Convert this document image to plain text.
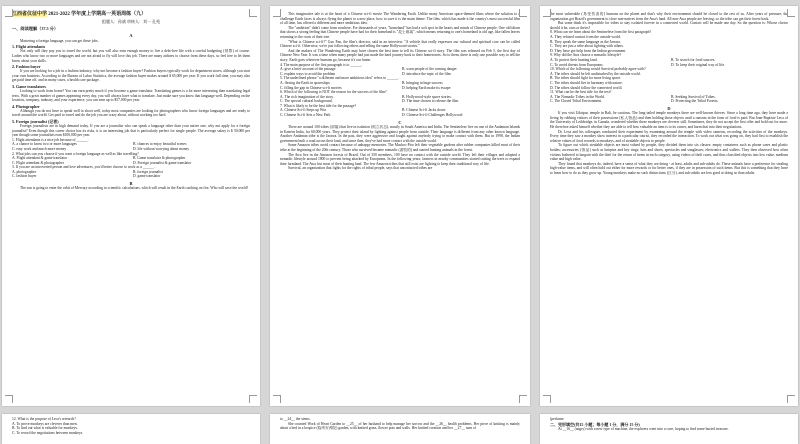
江西省仪征中学 2021-2022 学年度上学期高一英语周练（九）

组题人：孙斌 审核人：刘一 孔苑

一、阅读理解（37.5 分）

A

Mastering a foreign language, you can get these jobs.

1. Flight attendants

Not only will they pay you to travel the world, but you will also earn enough money to live a debt-free life with a careful budgeting (预算) of course. Ladies who know two or more languages and are not afraid to fly will love this job. There are many airlines to choose from these days, so feel free to let them know about your skills.

2. Fashion buyer

If you are looking for a job in a fashion industry, why not become a fashion buyer? Fashion buyers typically work for department stores, although you start your own business. According to the Bureau of Labor Statistics, the average fashion buyer makes around $ 65,000 per year. If you work full time, you may also get paid time off, and in many cases, a health care package.

3. Game translators

Looking to work from home? You can earn pretty much if you become a game translator. Translating games is a lot more interesting than translating legal texts. With a great number of games appearing every day, you will always have what to translate. Just make sure you know that language well. Depending on the location, company, industry, and your experience, you can earn up to $57,000 per year.

4. Photographer

Although you do not have to speak well to shoot well, today most companies are looking for photographers who know foreign languages and are ready to travel around the world. Get paid to travel and do the job you are crazy about, without working too hard.

5. Foreign journalist (记者)

Foreign journalists are in high demand today. If you are a journalist who can speak a language other than your native one, why not apply for a foreign journalist? Even though this career choice has its risks, it is an interesting job that is particularly perfect for single people. The average salary is $ 50,000 per year though some journalists earn $100,000 per year.

1. Flight attendants is a nice job because of ______.

A. a chance to know two or more languages	B. chances to enjoy beautiful scenes
C. easy work and much more money	D. life without worrying about money

2. What jobs can you choose if you want a foreign language as well as like travelling?

A. Flight attendant & game translator	B. Game translator & photographer
C. Flight attendant & photographer	D. Foreign journalist & game translator

3. If you are an introverted person and love adventures, you'd better choose to work as a ______.

A. photographer	B. foreign journalist
C. fashion buyer	D. game translator

B

The sun is going to enter the orbit of Mercury according to scientific calculations, which will result in the Earth catching on fire. Who will save the world?

This imaginative tale is at the heart of a Chinese sci-fi movie The Wandering Earth. Unlike many American space-themed films where the solution to a challenge Earth faces is always flying the planet to a new place, how to save it is the main theme. The film, which has made it the country's most successful film of all time, has offered a different and more ambitious idea.

The "ambition" didn't come from nowhere. For thousands of years, "homeland" has had a soft spot in the hearts and minds of Chinese people. One old idiom that shows a strong feeling that Chinese people have had for their homeland is "故土难离", which means returning to one's homeland is old age, like fallen leaves returning to the roots of their tree.

"What is Chinese sci-fi?" Guo Fan, the film's director, said in an interview. "A vehicle that really expresses our cultural and spiritual core can be called Chinese sci-fi. Otherwise, we're just following others and telling the same Hollywood stories."

And the makers of The Wandering Earth may have chosen the best time to tell its Chinese sci-fi story. The film was released on Feb 5, the first day of Chinese New Year. It was a time when many people had just made the hard journey back to their hometowns. So to them, there is only one possible way to tell the story: Earth goes wherever humans go, because it's our home.

4. The main purpose of the first paragraph is to ______.

A. give a brief account of the passage	B. warn people of the coming danger
C. explain ways to avoid the problem	D. introduce the topic of the film

5. The underlined phrase "a different and more ambitious idea" refers to ______.

A. flexing the Earth in spaceships	B. bringing in huge success
C. filling the gap in Chinese sci-fi movies	D. helping Earth make its escape

6. Which of the following is NOT the reason for the success of the film?

A. The rich imagination of the story.	B. Hollywood-style space stories.
C. The special cultural background.	D. The time chosen to release the film.

7. What is likely to be the best title for the passage?

A. Chinese Sci-fi Steps up War	B. Chinese Sci-fi Jacks down
C. Chinese Sci-fi Sets a New Path	D. Chinese Sci-fi Challenges Hollywood

C

There are around 100 tribes (部落) that live in isolation (孤立状态), mostly in South America and India. The Sentinelese live on one of the Andaman Islands in Eastern India, for 60,000 years. They protect their island by fighting against people from outside. Their language is different from any other known language. Another Andaman tribe is the Jarawa. In the past, they were aggressive and fought against anybody trying to make contact with them. But in 1998, the Indian government built a road across their land, and since then, they've had more contact with the outside world.

Some Amazon tribes avoid contact because of unhappy memories. The Mashco-Piro left their vegetable gardens after rubber companies killed most of their tribe at the beginning of the 20th century. Those who survived became nomadic (游牧的) and started hunting animals in the forest.

The Awa live in the Amazon forests of Brazil. Out of 350 members, 100 have no contact with the outside world. They left their villages and adopted a nomadic lifestyle around 1800 to prevent being attacked by Europeans. In the following years, farmers in nearby communities started cutting the trees to expand their farmland. The Awa lost most of their hunting land. The few Amazon tribes that still exist are fighting to keep their traditional way of life.

Survival, an organization that fights for the rights of tribal people, says that uncontacted tribes are

the most vulnerable (易受伤害的) humans on the planet and that's why their environment should be closed to the rest of us. After years of pressure, the organization got Brazil's government to close non-natives from the Awa's land. All non-Awa people are leaving, so the tribe can get their forest back.

But some think it's impossible for tribes to stay isolated forever in a connected world. Contact will be made one day. So the question is: Whose choice should it be, ours or theirs?

8. What can we learn about the Sentinelese from the first paragraph?

A. They refused contact from the outside world.
B. They speak the same language as the Jarawa.
C. They are just a tribe about fighting with others.
D. They have got help from the Indian government.

9. Why did the Awa choose a nomadic lifestyle?

A. To protect their hunting land.	B. To search for food sources.
C. To avoid threats from Europeans.	D. To keep their original way of life.

10. Which of the following would Survival probably agree with?

A. The tribes should be left undisturbed by the outside world.
B. The tribes should fight for more living space.
C. The tribes should live in harmony with nature.
D. The tribes should follow the connected world.

11. What can be the best title for the text?

A. The Nomadic Tribes in the World.	B. Seeking Survival of Tribes.
C. The Closed Tribal Environment.	D. Protecting the Tribal Forests.

D

If you visit Udaipur, temple in Bali, be cautious. The long-tailed temple monkeys there are well-known thieves. Since a long time ago, they have made a living by robbing visitors of their possessions (私人物品) and then holding those objects until a ransom in the form of food is paid. But Jean-Baptiste Leca of the University of Lethbridge, in Canada, wondered whether these monkeys are cleverer still. Sometimes, they do not accept the first offer and hold out for more. He therefore asked himself whether they are able to tell how valuable an item is to its owner, and harm that into their negotiations.

Dr. Leca and his colleagues conducted their experiment by examining around the temple with video cameras, recording the activities of the monkeys. Every time they saw a monkey show interest in a particular tourist, they recorded the interaction. To work out what was going on, they had first to establish the relative values of food rewards to monkeys, and of stealable objects to people.

To figure out which stealable objects are most valued by people, they divided them into six classes: empty containers such as phone cases and plastic bottles; accessories (饰品) such as hairpins and key rings; hats and shoes; spectacles and sunglasses; electronics and wallets. They then observed how often victims bothered to bargain with the thief for the return of items in each category, using videos of theft cases, and thus classified objects into low value, medium value and high value.

They found that monkeys do, indeed, have a sense of what they are doing - at least, adults and sub-adults do. These animals have a preference for stealing high-value items, and will often hold out either for more rewards or for better ones, if they are in possession of such items. But this is something that they have to learn how to do as they grow up. Young monkeys make no such distinctions (区分), and sub-adults are less good at doing so than adults.

12. What is the purpose of Leca's research?

A. To prove monkeys are cleverer than men.
B. To find out what is valuable for monkeys.
C. To record the negotiations between monkeys.

to __24__ the stems.

She counted Work of Heart Garden to __25__ of her husband to help manage her sorrow and the __26__ health problems. Her piece of knitting is mainly about a bed in a hospice (临终安养院) garden, with knitted grass, flower pots and walls. Her knitted creation and her __27__ sum of

(perfume.

二、完形填空(共15 小题；每小题 1 分，满分 15 分)

At __16__ (angry) with a new type of machine, the explorers went into a cave, hoping to find some buried treasure.
